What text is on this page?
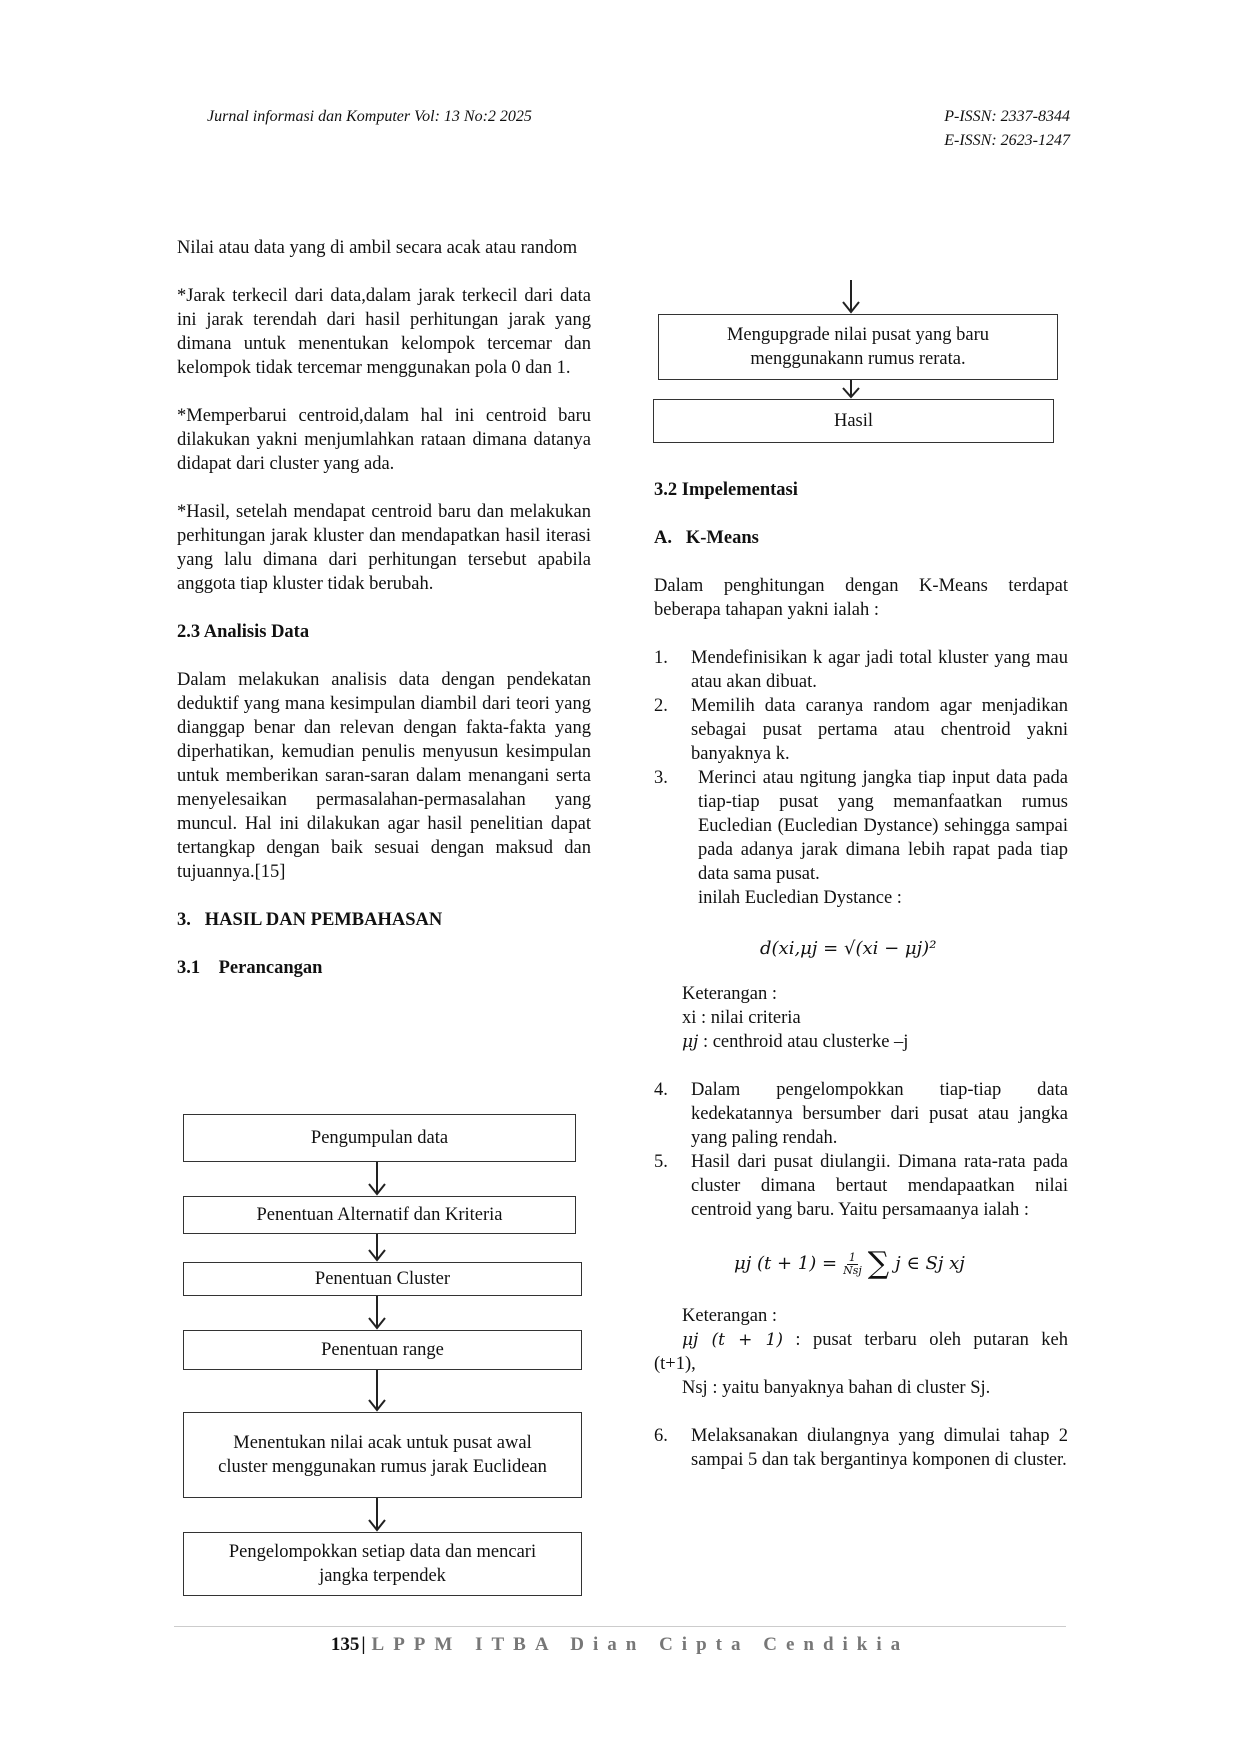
Jurnal informasi dan Komputer Vol: 13 No:2 2025	P-ISSN: 2337-8344
E-ISSN: 2623-1247

Nilai atau data yang di ambil secara acak atau random

*Jarak terkecil dari data,dalam jarak terkecil dari data ini jarak terendah dari hasil perhitungan jarak yang dimana untuk menentukan kelompok tercemar dan kelompok tidak tercemar menggunakan pola 0 dan 1.

*Memperbarui centroid,dalam hal ini centroid baru dilakukan yakni menjumlahkan rataan dimana datanya didapat dari cluster yang ada.

*Hasil, setelah mendapat centroid baru dan melakukan perhitungan jarak kluster dan mendapatkan hasil iterasi yang lalu dimana dari perhitungan tersebut apabila anggota tiap kluster tidak berubah.

2.3 Analisis Data

Dalam melakukan analisis data dengan pendekatan deduktif yang mana kesimpulan diambil dari teori yang dianggap benar dan relevan dengan fakta-fakta yang diperhatikan, kemudian penulis menyusun kesimpulan untuk memberikan saran-saran dalam menangani serta menyelesaikan permasalahan-permasalahan yang muncul. Hal ini dilakukan agar hasil penelitian dapat tertangkap dengan baik sesuai dengan maksud dan tujuannya.[15]

3.   HASIL DAN PEMBAHASAN

3.1    Perancangan

Pengumpulan data
Penentuan Alternatif dan Kriteria
Penentuan Cluster
Penentuan range
Menentukan nilai acak untuk pusat awal cluster menggunakan rumus jarak Euclidean
Pengelompokkan setiap data dan mencari jangka terpendek
Mengupgrade nilai pusat yang baru menggunakann rumus rerata.
Hasil

3.2 Impelementasi

A.   K-Means

Dalam penghitungan dengan K-Means terdapat beberapa tahapan yakni ialah :

1. Mendefinisikan k agar jadi total kluster yang mau atau akan dibuat.
2. Memilih data caranya random agar menjadikan sebagai pusat pertama atau chentroid yakni banyaknya k.
3. Merinci atau ngitung jangka tiap input data pada tiap-tiap pusat yang memanfaatkan rumus Eucledian (Eucledian Dystance) sehingga sampai pada adanya jarak dimana lebih rapat pada tiap data sama pusat.

inilah Eucledian Dystance :

d(xi,μj = √(xi − μj)²

Keterangan :

xi : nilai criteria

μj : centhroid atau clusterke –j

4. Dalam pengelompokkan tiap-tiap data kedekatannya bersumber dari pusat atau jangka yang paling rendah.
5. Hasil dari pusat diulangii. Dimana rata-rata pada cluster dimana bertaut mendapaatkan nilai centroid yang baru. Yaitu persamaanya ialah :
μj (t + 1) = 1
Nsj ∑ j ∈ Sj xj

Keterangan :

μj (t + 1) : pusat terbaru oleh putaran keh

(t+1),

Nsj : yaitu banyaknya bahan di cluster Sj.

6. Melaksanakan diulangnya yang dimulai tahap 2 sampai 5 dan tak bergantinya komponen di cluster.
135 | LPPM ITBA Dian Cipta Cendikia
